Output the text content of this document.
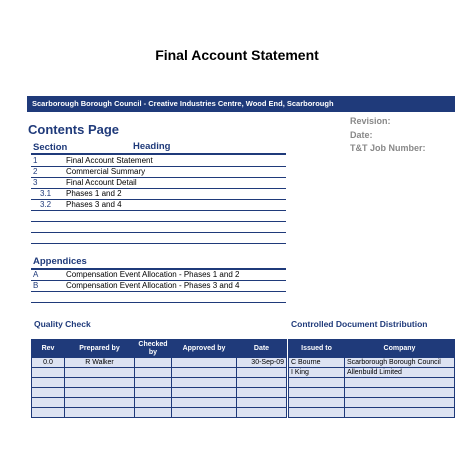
Final Account Statement
Scarborough Borough Council - Creative Industries Centre, Wood End, Scarborough
Contents Page
Revision:
Date:
T&T Job Number:
Section	Heading
1	Final Account Statement
2	Commercial Summary
3	Final Account Detail
3.1 Phases 1 and 2
3.2 Phases 3 and 4
Appendices
A	Compensation Event Allocation - Phases 1 and 2
B	Compensation Event Allocation - Phases 3 and 4
Quality Check
Rev	Prepared by	Checked by	Approved by	Date
0.0	R Walker			30-Sep-09

Controlled Document Distribution
Issued to	Company
C Bourne	Scarborough Borough Council
I King	Allenbuild Limited
